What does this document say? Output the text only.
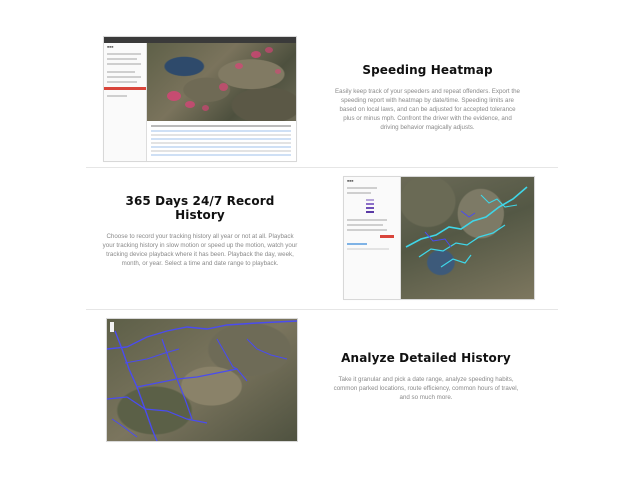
■■■
Speeding Heatmap

Easily keep track of your speeders and repeat offenders. Export the speeding report with heatmap by date/time. Speeding limits are based on local laws, and can be adjusted for accepted tolerance plus or minus mph. Confront the driver with the evidence, and driving behavior magically adjusts.

365 Days 24/7 Record History

Choose to record your tracking history all year or not at all. Playback your tracking history in slow motion or speed up the motion, watch your tracking device playback where it has been. Playback the day, week, month, or year. Select a time and date range to playback.

■■■
Analyze Detailed History

Take it granular and pick a date range, analyze speeding habits, common parked locations, route efficiency, common hours of travel, and so much more.
